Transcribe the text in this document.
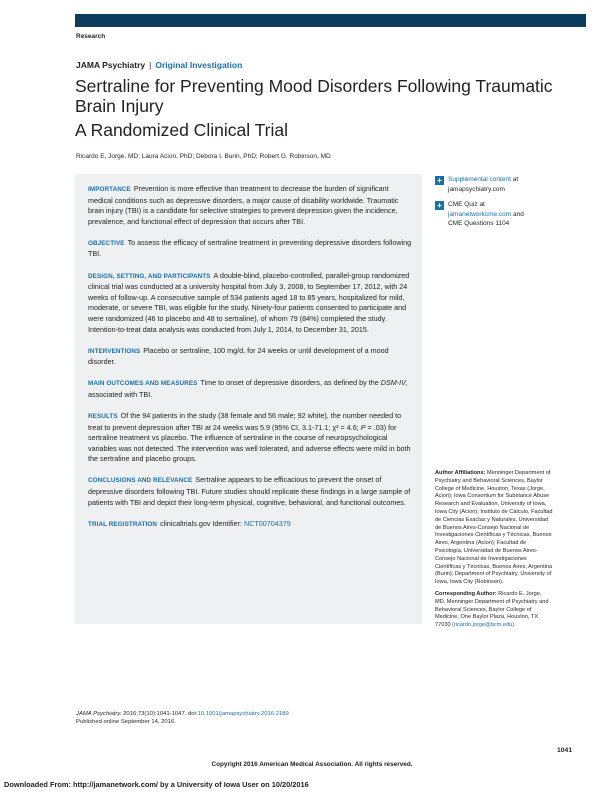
Research
JAMA Psychiatry | Original Investigation
Sertraline for Preventing Mood Disorders Following Traumatic Brain Injury
A Randomized Clinical Trial
Ricardo E. Jorge, MD; Laura Acion, PhD; Debora I. Burin, PhD; Robert G. Robinson, MD

IMPORTANCE Prevention is more effective than treatment to decrease the burden of significant medical conditions such as depressive disorders, a major cause of disability worldwide. Traumatic brain injury (TBI) is a candidate for selective strategies to prevent depression given the incidence, prevalence, and functional effect of depression that occurs after TBI.

OBJECTIVE To assess the efficacy of sertraline treatment in preventing depressive disorders following TBI.

DESIGN, SETTING, AND PARTICIPANTS A double-blind, placebo-controlled, parallel-group randomized clinical trial was conducted at a university hospital from July 3, 2008, to September 17, 2012, with 24 weeks of follow-up. A consecutive sample of 534 patients aged 18 to 85 years, hospitalized for mild, moderate, or severe TBI, was eligible for the study. Ninety-four patients consented to participate and were randomized (46 to placebo and 48 to sertraline), of whom 79 (84%) completed the study. Intention-to-treat data analysis was conducted from July 1, 2014, to December 31, 2015.

INTERVENTIONS Placebo or sertraline, 100 mg/d, for 24 weeks or until development of a mood disorder.

MAIN OUTCOMES AND MEASURES Time to onset of depressive disorders, as defined by the DSM-IV, associated with TBI.

RESULTS Of the 94 patients in the study (38 female and 56 male; 92 white), the number needed to treat to prevent depression after TBI at 24 weeks was 5.9 (95% CI, 3.1-71.1; χ² = 4.6; P = .03) for sertraline treatment vs placebo. The influence of sertraline in the course of neuropsychological variables was not detected. The intervention was well tolerated, and adverse effects were mild in both the sertraline and placebo groups.

CONCLUSIONS AND RELEVANCE Sertraline appears to be efficacious to prevent the onset of depressive disorders following TBI. Future studies should replicate these findings in a large sample of patients with TBI and depict their long-term physical, cognitive, behavioral, and functional outcomes.

TRIAL REGISTRATION clinicaltrials.gov Identifier: NCT00704379

+ Supplemental content at
jamapsychiatry.com
+ CME Quiz at
jamanetworkcme.com and
CME Questions 1104

Author Affiliations: Menninger Department of Psychiatry and Behavioral Sciences, Baylor College of Medicine, Houston, Texas (Jorge, Acion); Iowa Consortium for Substance Abuse Research and Evaluation, University of Iowa, Iowa City (Acion); Instituto de Cálculo, Facultad de Ciencias Exactas y Naturales, Universidad de Buenos Aires-Consejo Nacional de Investigaciones Científicas y Técnicas, Buenos Aires, Argentina (Acion); Facultad de Psicología, Universidad de Buenos Aires-Consejo Nacional de Investigaciones Científicas y Técnicas, Buenos Aires, Argentina (Burin); Department of Psychiatry, University of Iowa, Iowa City (Robinson).

Corresponding Author: Ricardo E. Jorge, MD, Menninger Department of Psychiatry and Behavioral Sciences, Baylor College of Medicine, One Baylor Plaza, Houston, TX 77030 (ricardo.jorge@bcm.edu).

JAMA Psychiatry. 2016;73(10):1041-1047. doi:10.1001/jamapsychiatry.2016.2189
Published online September 14, 2016.
1041
Copyright 2016 American Medical Association. All rights reserved.
Downloaded From: http://jamanetwork.com/ by a University of Iowa User on 10/20/2016
